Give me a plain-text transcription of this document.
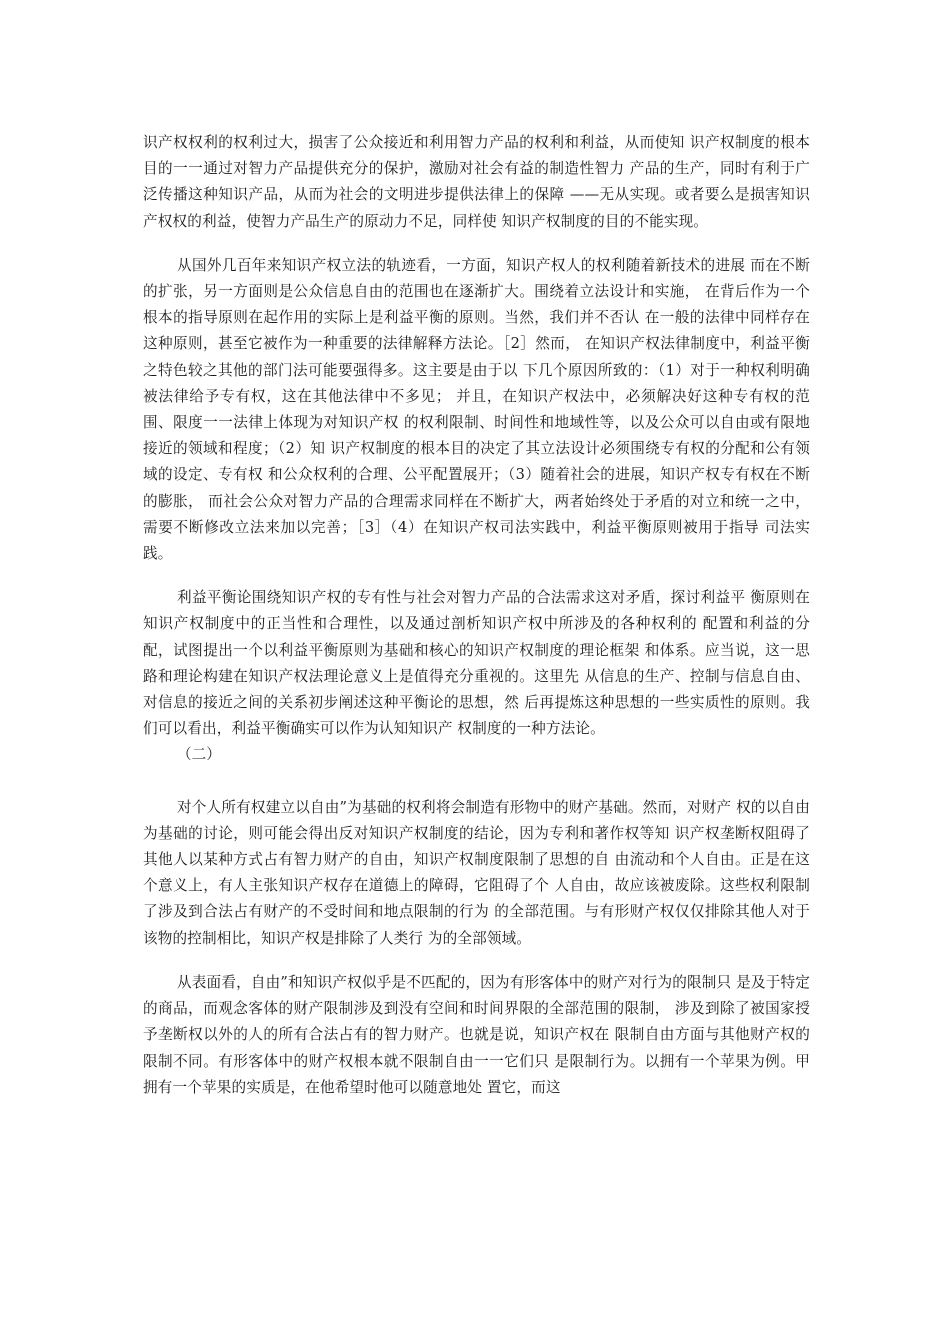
识产权权利的权利过大，损害了公众接近和利用智力产品的权利和利益，从而使知 识产权制度的根本目的一一通过对智力产品提供充分的保护，激励对社会有益的制造性智力 产品的生产，同时有利于广泛传播这种知识产品，从而为社会的文明进步提供法律上的保障 ——无从实现。或者要么是损害知识产权权的利益，使智力产品生产的原动力不足，同样使 知识产权制度的目的不能实现。

从国外几百年来知识产权立法的轨迹看，一方面，知识产权人的权利随着新技术的进展 而在不断的扩张，另一方面则是公众信息自由的范围也在逐渐扩大。围绕着立法设计和实施， 在背后作为一个根本的指导原则在起作用的实际上是利益平衡的原则。当然，我们并不否认 在一般的法律中同样存在这种原则，甚至它被作为一种重要的法律解释方法论。［2］然而， 在知识产权法律制度中，利益平衡之特色较之其他的部门法可能要强得多。这主要是由于以 下几个原因所致的：（1）对于一种权利明确被法律给予专有权，这在其他法律中不多见； 并且，在知识产权法中，必须解决好这种专有权的范围、限度一一法律上体现为对知识产权 的权利限制、时间性和地域性等，以及公众可以自由或有限地接近的领域和程度；（2）知 识产权制度的根本目的决定了其立法设计必须围绕专有权的分配和公有领域的设定、专有权 和公众权利的合理、公平配置展开；（3）随着社会的进展，知识产权专有权在不断的膨胀， 而社会公众对智力产品的合理需求同样在不断扩大，两者始终处于矛盾的对立和统一之中， 需要不断修改立法来加以完善；［3］（4）在知识产权司法实践中，利益平衡原则被用于指导 司法实践。

利益平衡论围绕知识产权的专有性与社会对智力产品的合法需求这对矛盾，探讨利益平 衡原则在知识产权制度中的正当性和合理性，以及通过剖析知识产权中所涉及的各种权利的 配置和利益的分配，试图提出一个以利益平衡原则为基础和核心的知识产权制度的理论框架 和体系。应当说，这一思路和理论构建在知识产权法理论意义上是值得充分重视的。这里先 从信息的生产、控制与信息自由、对信息的接近之间的关系初步阐述这种平衡论的思想，然 后再提炼这种思想的一些实质性的原则。我们可以看出，利益平衡确实可以作为认知知识产 权制度的一种方法论。

（二）

对个人所有权建立以自由”为基础的权利将会制造有形物中的财产基础。然而，对财产 权的以自由为基础的讨论，则可能会得出反对知识产权制度的结论，因为专利和著作权等知 识产权垄断权阻碍了其他人以某种方式占有智力财产的自由，知识产权制度限制了思想的自 由流动和个人自由。正是在这个意义上，有人主张知识产权存在道德上的障碍，它阻碍了个 人自由，故应该被废除。这些权利限制了涉及到合法占有财产的不受时间和地点限制的行为 的全部范围。与有形财产权仅仅排除其他人对于该物的控制相比，知识产权是排除了人类行 为的全部领域。

从表面看，自由”和知识产权似乎是不匹配的，因为有形客体中的财产对行为的限制只 是及于特定的商品，而观念客体的财产限制涉及到没有空间和时间界限的全部范围的限制， 涉及到除了被国家授予垄断权以外的人的所有合法占有的智力财产。也就是说，知识产权在 限制自由方面与其他财产权的限制不同。有形客体中的财产权根本就不限制自由一一它们只 是限制行为。以拥有一个苹果为例。甲拥有一个苹果的实质是，在他希望时他可以随意地处 置它，而这
